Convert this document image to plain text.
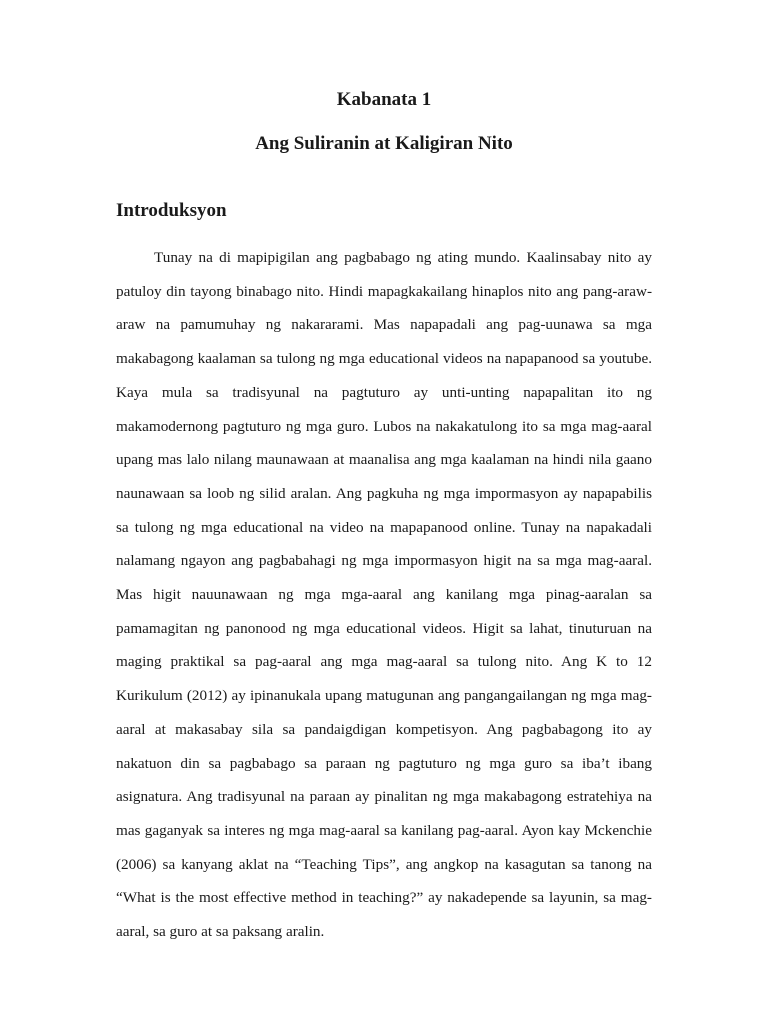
Kabanata 1
Ang Suliranin at Kaligiran Nito
Introduksyon

Tunay na di mapipigilan ang pagbabago ng ating mundo. Kaalinsabay nito ay patuloy din tayong binabago nito. Hindi mapagkakailang hinaplos nito ang pang-araw-araw na pamumuhay ng nakararami. Mas napapadali ang pag-uunawa sa mga makabagong kaalaman sa tulong ng mga educational videos na napapanood sa youtube. Kaya mula sa tradisyunal na pagtuturo ay unti-unting napapalitan ito ng makamodernong pagtuturo ng mga guro. Lubos na nakakatulong ito sa mga mag-aaral upang mas lalo nilang maunawaan at maanalisa ang mga kaalaman na hindi nila gaano naunawaan sa loob ng silid aralan. Ang pagkuha ng mga impormasyon ay napapabilis sa tulong ng mga educational na video na mapapanood online. Tunay na napakadali nalamang ngayon ang pagbabahagi ng mga impormasyon higit na sa mga mag-aaral. Mas higit nauunawaan ng mga mga-aaral ang kanilang mga pinag-aaralan sa pamamagitan ng panonood ng mga educational videos. Higit sa lahat, tinuturuan na maging praktikal sa pag-aaral ang mga mag-aaral sa tulong nito. Ang K to 12 Kurikulum (2012) ay ipinanukala upang matugunan ang pangangailangan ng mga mag-aaral at makasabay sila sa pandaigdigan kompetisyon. Ang pagbabagong ito ay nakatuon din sa pagbabago sa paraan ng pagtuturo ng mga guro sa iba’t ibang asignatura. Ang tradisyunal na paraan ay pinalitan ng mga makabagong estratehiya na mas gaganyak sa interes ng mga mag-aaral sa kanilang pag-aaral. Ayon kay Mckenchie (2006) sa kanyang aklat na “Teaching Tips”, ang angkop na kasagutan sa tanong na “What is the most effective method in teaching?” ay nakadepende sa layunin, sa mag-aaral, sa guro at sa paksang aralin.
